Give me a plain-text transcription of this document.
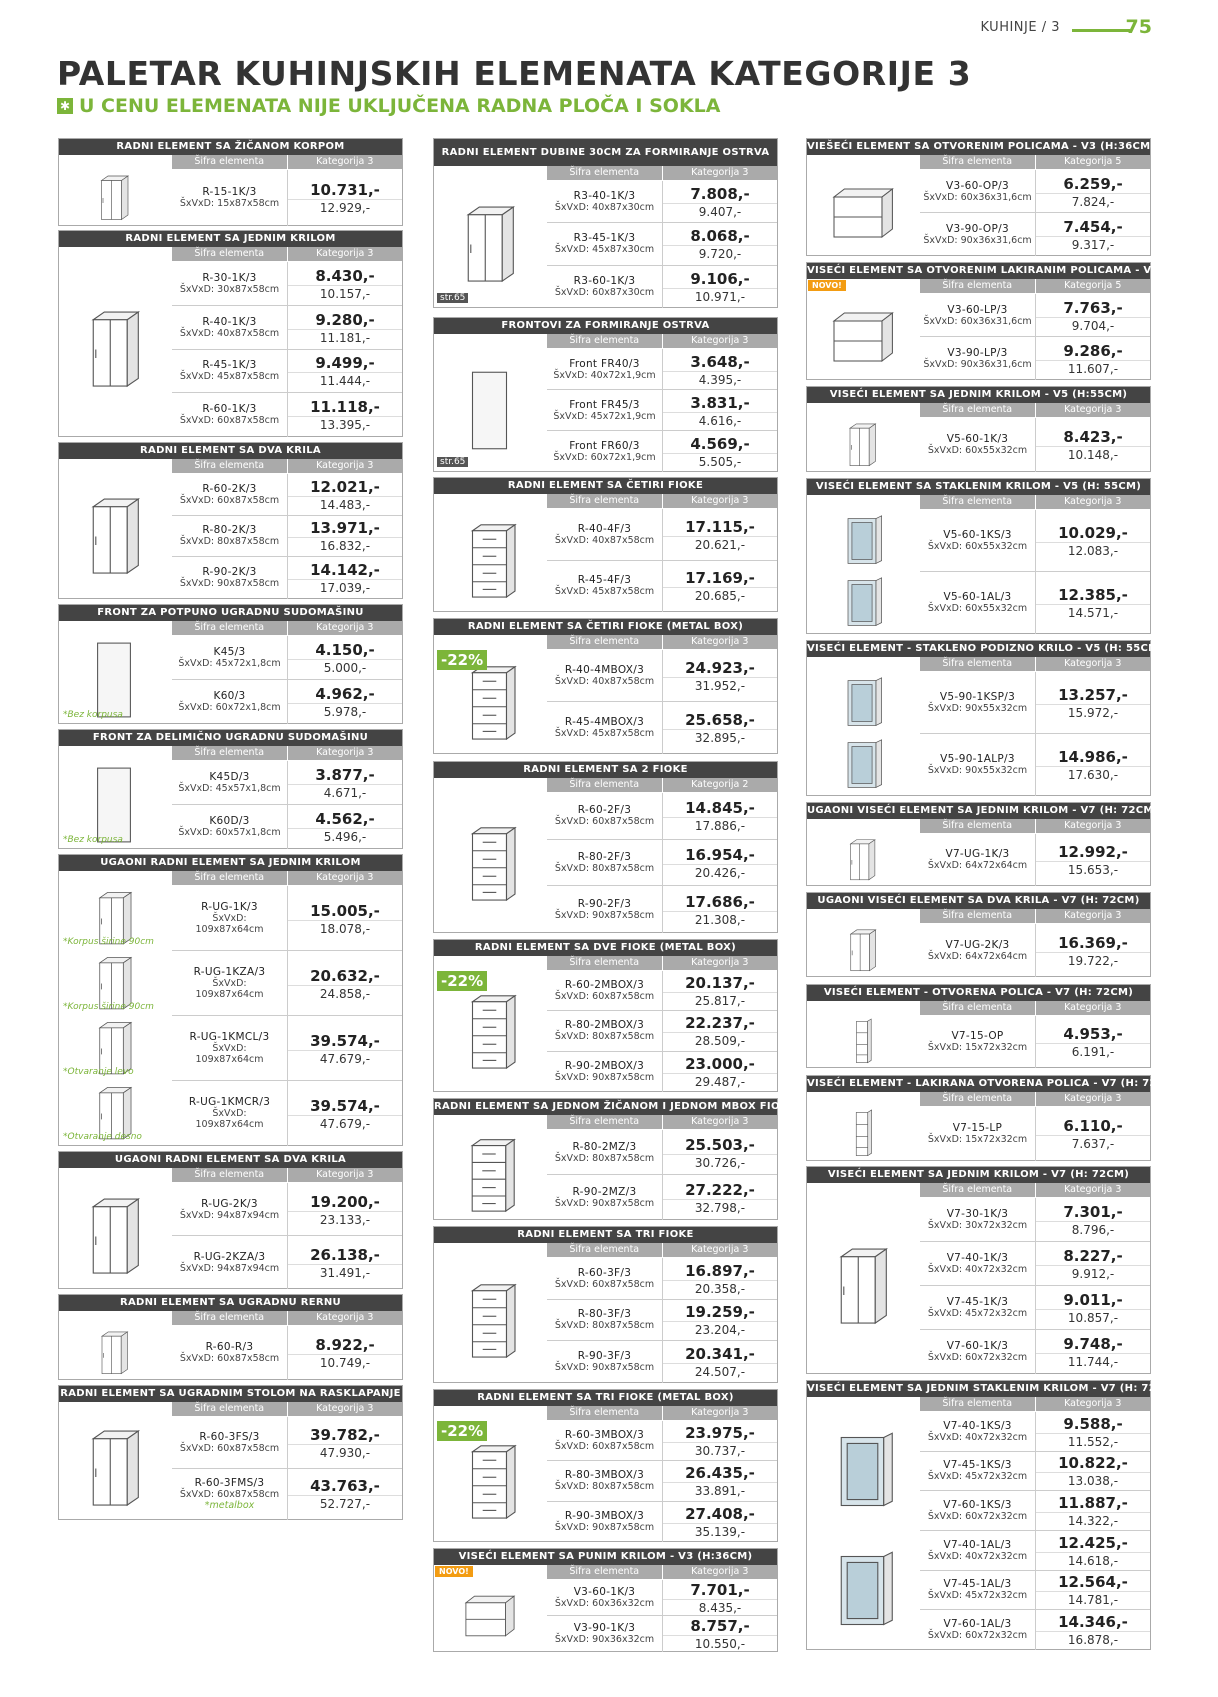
KUHINJE / 3	75
PALETAR KUHINJSKIH ELEMENATA KATEGORIJE 3
✱ U CENU ELEMENATA NIJE UKLJUČENA RADNA PLOČA I SOKLA
RADNI ELEMENT SA ŽIČANOM KORPOM
Šifra elementa	Kategorija 3
R-15-1K/3
ŠxVxD: 15x87x58cm
10.731,-
12.929,-
RADNI ELEMENT SA JEDNIM KRILOM
Šifra elementa	Kategorija 3
R-30-1K/3
ŠxVxD: 30x87x58cm
8.430,-
10.157,-
R-40-1K/3
ŠxVxD: 40x87x58cm
9.280,-
11.181,-
R-45-1K/3
ŠxVxD: 45x87x58cm
9.499,-
11.444,-
R-60-1K/3
ŠxVxD: 60x87x58cm
11.118,-
13.395,-
RADNI ELEMENT SA DVA KRILA
Šifra elementa	Kategorija 3
R-60-2K/3
ŠxVxD: 60x87x58cm
12.021,-
14.483,-
R-80-2K/3
ŠxVxD: 80x87x58cm
13.971,-
16.832,-
R-90-2K/3
ŠxVxD: 90x87x58cm
14.142,-
17.039,-
FRONT ZA POTPUNO UGRADNU SUDOMAŠINU
Šifra elementa	Kategorija 3
*Bez korpusa
K45/3
ŠxVxD: 45x72x1,8cm
4.150,-
5.000,-
K60/3
ŠxVxD: 60x72x1,8cm
4.962,-
5.978,-
FRONT ZA DELIMIČNO UGRADNU SUDOMAŠINU
Šifra elementa	Kategorija 3
*Bez korpusa
K45D/3
ŠxVxD: 45x57x1,8cm
3.877,-
4.671,-
K60D/3
ŠxVxD: 60x57x1,8cm
4.562,-
5.496,-
UGAONI RADNI ELEMENT SA JEDNIM KRILOM
Šifra elementa	Kategorija 3
*Korpus širine 90cm
R-UG-1K/3
ŠxVxD:
109x87x64cm
15.005,-
18.078,-
*Korpus širine 90cm
R-UG-1KZA/3
ŠxVxD:
109x87x64cm
20.632,-
24.858,-
*Otvaranje levo
R-UG-1KMCL/3
ŠxVxD:
109x87x64cm
39.574,-
47.679,-
*Otvaranje desno
R-UG-1KMCR/3
ŠxVxD:
109x87x64cm
39.574,-
47.679,-
UGAONI RADNI ELEMENT SA DVA KRILA
Šifra elementa	Kategorija 3
R-UG-2K/3
ŠxVxD: 94x87x94cm
19.200,-
23.133,-
R-UG-2KZA/3
ŠxVxD: 94x87x94cm
26.138,-
31.491,-
RADNI ELEMENT SA UGRADNU RERNU
Šifra elementa	Kategorija 3
R-60-R/3
ŠxVxD: 60x87x58cm
8.922,-
10.749,-
RADNI ELEMENT SA UGRADNIM STOLOM NA RASKLAPANJE
Šifra elementa	Kategorija 3
R-60-3FS/3
ŠxVxD: 60x87x58cm
39.782,-
47.930,-
R-60-3FMS/3
ŠxVxD: 60x87x58cm
*metalbox
43.763,-
52.727,-
RADNI ELEMENT DUBINE 30CM ZA FORMIRANJE OSTRVA
Šifra elementa	Kategorija 3
str.65
R3-40-1K/3
ŠxVxD: 40x87x30cm
7.808,-
9.407,-
R3-45-1K/3
ŠxVxD: 45x87x30cm
8.068,-
9.720,-
R3-60-1K/3
ŠxVxD: 60x87x30cm
9.106,-
10.971,-
FRONTOVI ZA FORMIRANJE OSTRVA
Šifra elementa	Kategorija 3
str.65
Front FR40/3
ŠxVxD: 40x72x1,9cm
3.648,-
4.395,-
Front FR45/3
ŠxVxD: 45x72x1,9cm
3.831,-
4.616,-
Front FR60/3
ŠxVxD: 60x72x1,9cm
4.569,-
5.505,-
RADNI ELEMENT SA ČETIRI FIOKE
Šifra elementa	Kategorija 3
R-40-4F/3
ŠxVxD: 40x87x58cm
17.115,-
20.621,-
R-45-4F/3
ŠxVxD: 45x87x58cm
17.169,-
20.685,-
RADNI ELEMENT SA ČETIRI FIOKE (METAL BOX)
Šifra elementa	Kategorija 3
-22%
R-40-4MBOX/3
ŠxVxD: 40x87x58cm
24.923,-
31.952,-
R-45-4MBOX/3
ŠxVxD: 45x87x58cm
25.658,-
32.895,-
RADNI ELEMENT SA 2 FIOKE
Šifra elementa	Kategorija 2
R-60-2F/3
ŠxVxD: 60x87x58cm
14.845,-
17.886,-
R-80-2F/3
ŠxVxD: 80x87x58cm
16.954,-
20.426,-
R-90-2F/3
ŠxVxD: 90x87x58cm
17.686,-
21.308,-
RADNI ELEMENT SA DVE FIOKE (METAL BOX)
Šifra elementa	Kategorija 3
-22%	R-60-2MBOX/3
ŠxVxD: 60x87x58cm
20.137,-
25.817,-
R-80-2MBOX/3
ŠxVxD: 80x87x58cm
22.237,-
28.509,-
R-90-2MBOX/3
ŠxVxD: 90x87x58cm
23.000,-
29.487,-
RADNI ELEMENT SA JEDNOM ŽIČANOM I JEDNOM MBOX FIOKOM
Šifra elementa	Kategorija 3
R-80-2MZ/3
ŠxVxD: 80x87x58cm
25.503,-
30.726,-
R-90-2MZ/3
ŠxVxD: 90x87x58cm
27.222,-
32.798,-
RADNI ELEMENT SA TRI FIOKE
Šifra elementa	Kategorija 3
R-60-3F/3
ŠxVxD: 60x87x58cm
16.897,-
20.358,-
R-80-3F/3
ŠxVxD: 80x87x58cm
19.259,-
23.204,-
R-90-3F/3
ŠxVxD: 90x87x58cm
20.341,-
24.507,-
RADNI ELEMENT SA TRI FIOKE (METAL BOX)
Šifra elementa	Kategorija 3
-22%	R-60-3MBOX/3
ŠxVxD: 60x87x58cm
23.975,-
30.737,-
R-80-3MBOX/3
ŠxVxD: 80x87x58cm
26.435,-
33.891,-
R-90-3MBOX/3
ŠxVxD: 90x87x58cm
27.408,-
35.139,-
VISEĆI ELEMENT SA PUNIM KRILOM - V3 (H:36CM)
Šifra elementa	Kategorija 3
NOVO!
V3-60-1K/3
ŠxVxD: 60x36x32cm
7.701,-
8.435,-
V3-90-1K/3
ŠxVxD: 90x36x32cm
8.757,-
10.550,-
VIEŠEĆI ELEMENT SA OTVORENIM POLICAMA - V3 (H:36CM)
Šifra elementa	Kategorija 5
V3-60-OP/3
ŠxVxD: 60x36x31,6cm
6.259,-
7.824,-
V3-90-OP/3
ŠxVxD: 90x36x31,6cm
7.454,-
9.317,-
VISEĆI ELEMENT SA OTVORENIM LAKIRANIM POLICAMA - V3 (H:36CM)
Šifra elementa	Kategorija 5
NOVO!
V3-60-LP/3
ŠxVxD: 60x36x31,6cm
7.763,-
9.704,-
V3-90-LP/3
ŠxVxD: 90x36x31,6cm
9.286,-
11.607,-
VISEĆI ELEMENT SA JEDNIM KRILOM - V5 (H:55CM)
Šifra elementa	Kategorija 3
V5-60-1K/3
ŠxVxD: 60x55x32cm
8.423,-
10.148,-
VISEĆI ELEMENT SA STAKLENIM KRILOM - V5 (H: 55CM)
Šifra elementa	Kategorija 3
V5-60-1KS/3
ŠxVxD: 60x55x32cm
10.029,-
12.083,-
V5-60-1AL/3
ŠxVxD: 60x55x32cm
12.385,-
14.571,-
VISEĆI ELEMENT - STAKLENO PODIZNO KRILO - V5 (H: 55CM)
Šifra elementa	Kategorija 3
V5-90-1KSP/3
ŠxVxD: 90x55x32cm
13.257,-
15.972,-
V5-90-1ALP/3
ŠxVxD: 90x55x32cm
14.986,-
17.630,-
UGAONI VISEĆI ELEMENT SA JEDNIM KRILOM - V7 (H: 72CM)
Šifra elementa	Kategorija 3
V7-UG-1K/3
ŠxVxD: 64x72x64cm
12.992,-
15.653,-
UGAONI VISEĆI ELEMENT SA DVA KRILA - V7 (H: 72CM)
Šifra elementa	Kategorija 3
V7-UG-2K/3
ŠxVxD: 64x72x64cm
16.369,-
19.722,-
VISEĆI ELEMENT - OTVORENA POLICA - V7 (H: 72CM)
Šifra elementa	Kategorija 3
V7-15-OP
ŠxVxD: 15x72x32cm
4.953,-
6.191,-
VISEĆI ELEMENT - LAKIRANA OTVORENA POLICA - V7 (H: 72CM)
Šifra elementa	Kategorija 3
V7-15-LP
ŠxVxD: 15x72x32cm
6.110,-
7.637,-
VISEĆI ELEMENT SA JEDNIM KRILOM - V7 (H: 72CM)
Šifra elementa	Kategorija 3
V7-30-1K/3
ŠxVxD: 30x72x32cm
7.301,-
8.796,-
V7-40-1K/3
ŠxVxD: 40x72x32cm
8.227,-
9.912,-
V7-45-1K/3
ŠxVxD: 45x72x32cm
9.011,-
10.857,-
V7-60-1K/3
ŠxVxD: 60x72x32cm
9.748,-
11.744,-
VISEĆI ELEMENT SA JEDNIM STAKLENIM KRILOM - V7 (H: 72CM)
Šifra elementa	Kategorija 3
V7-40-1KS/3
ŠxVxD: 40x72x32cm
9.588,-
11.552,-
V7-45-1KS/3
ŠxVxD: 45x72x32cm
10.822,-
13.038,-
V7-60-1KS/3
ŠxVxD: 60x72x32cm
11.887,-
14.322,-
V7-40-1AL/3
ŠxVxD: 40x72x32cm
12.425,-
14.618,-
V7-45-1AL/3
ŠxVxD: 45x72x32cm
12.564,-
14.781,-
V7-60-1AL/3
ŠxVxD: 60x72x32cm
14.346,-
16.878,-
